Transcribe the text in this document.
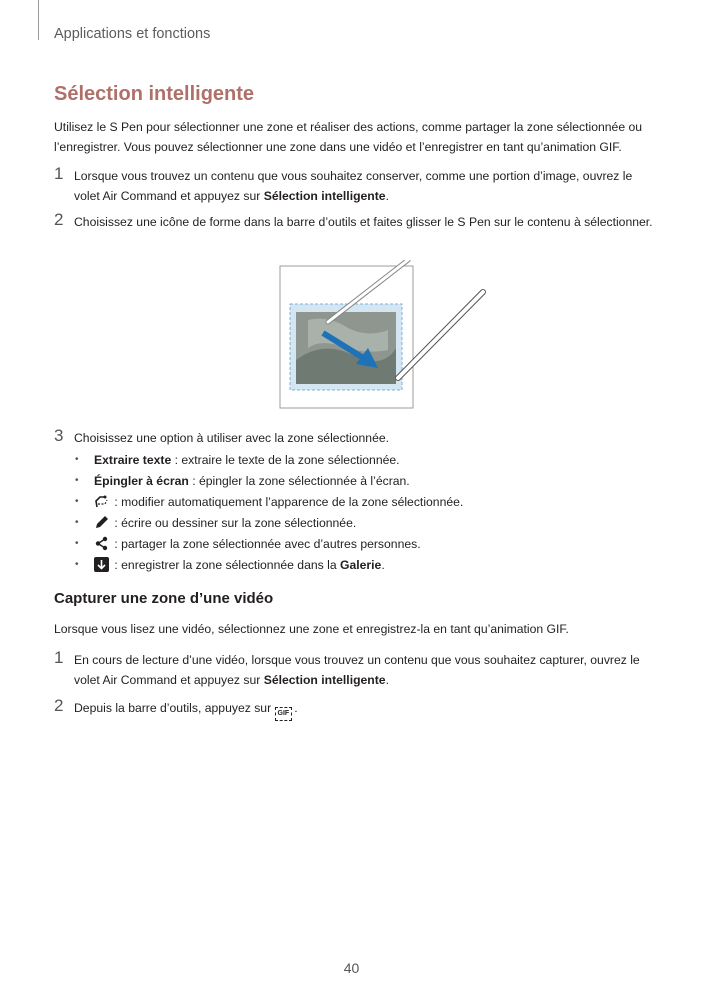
Applications et fonctions
Sélection intelligente
Utilisez le S Pen pour sélectionner une zone et réaliser des actions, comme partager la zone sélectionnée ou l’enregistrer. Vous pouvez sélectionner une zone dans une vidéo et l’enregistrer en tant qu’animation GIF.
1 Lorsque vous trouvez un contenu que vous souhaitez conserver, comme une portion d’image, ouvrez le volet Air Command et appuyez sur Sélection intelligente.
2 Choisissez une icône de forme dans la barre d’outils et faites glisser le S Pen sur le contenu à sélectionner.
3 Choisissez une option à utiliser avec la zone sélectionnée.
• Extraire texte : extraire le texte de la zone sélectionnée.
• Épingler à écran : épingler la zone sélectionnée à l’écran.
•	: modifier automatiquement l’apparence de la zone sélectionnée.
•	: écrire ou dessiner sur la zone sélectionnée.
•	: partager la zone sélectionnée avec d’autres personnes.
•	: enregistrer la zone sélectionnée dans la Galerie.
Capturer une zone d’une vidéo
Lorsque vous lisez une vidéo, sélectionnez une zone et enregistrez-la en tant qu’animation GIF.
1 En cours de lecture d’une vidéo, lorsque vous trouvez un contenu que vous souhaitez capturer, ouvrez le volet Air Command et appuyez sur Sélection intelligente.
2 Depuis la barre d’outils, appuyez sur GIF .
40
